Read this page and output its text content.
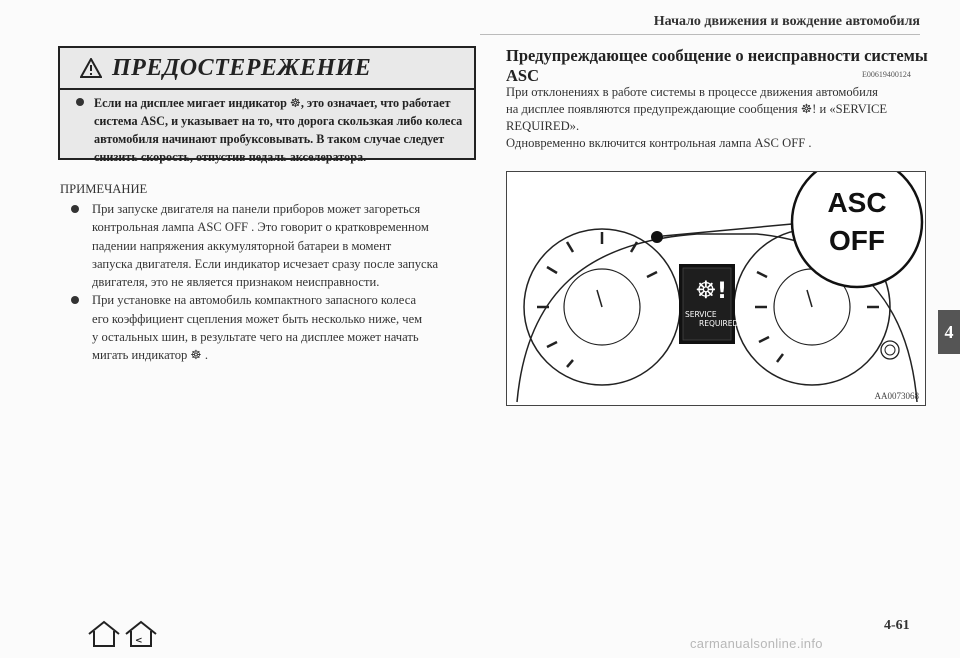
Начало движения и вождение автомобиля
ПРЕДОСТЕРЕЖЕНИЕ
Если на дисплее мигает индикатор ☸, это означает, что работает
система ASC, и указывает на то, что дорога скользкая либо колеса
автомобиля начинают пробуксовывать. В таком случае следует
снизить скорость, отпустив педаль акселератора.
ПРИМЕЧАНИЕ
При запуске двигателя на панели приборов может загореться
контрольная лампа ASC OFF . Это говорит о кратковременном
падении напряжения аккумуляторной батареи в момент
запуска двигателя. Если индикатор исчезает сразу после запуска
двигателя, это не является признаком неисправности.
При установке на автомобиль компактного запасного колеса
его коэффициент сцепления может быть несколько ниже, чем
у остальных шин, в результате чего на дисплее может начать
мигать индикатор ☸ .
Предупреждающее сообщение о неисправности системы ASC	E00619400124
При отклонениях в работе системы в процессе движения автомобиля
на дисплее появляются предупреждающие сообщения ☸! и «SERVICE
REQUIRED».
Одновременно включится контрольная лампа ASC OFF .
☸ !
SERVICE
REQUIRED
ASC
OFF
AA0073068
4
4-61
<	carmanualsonline.info
